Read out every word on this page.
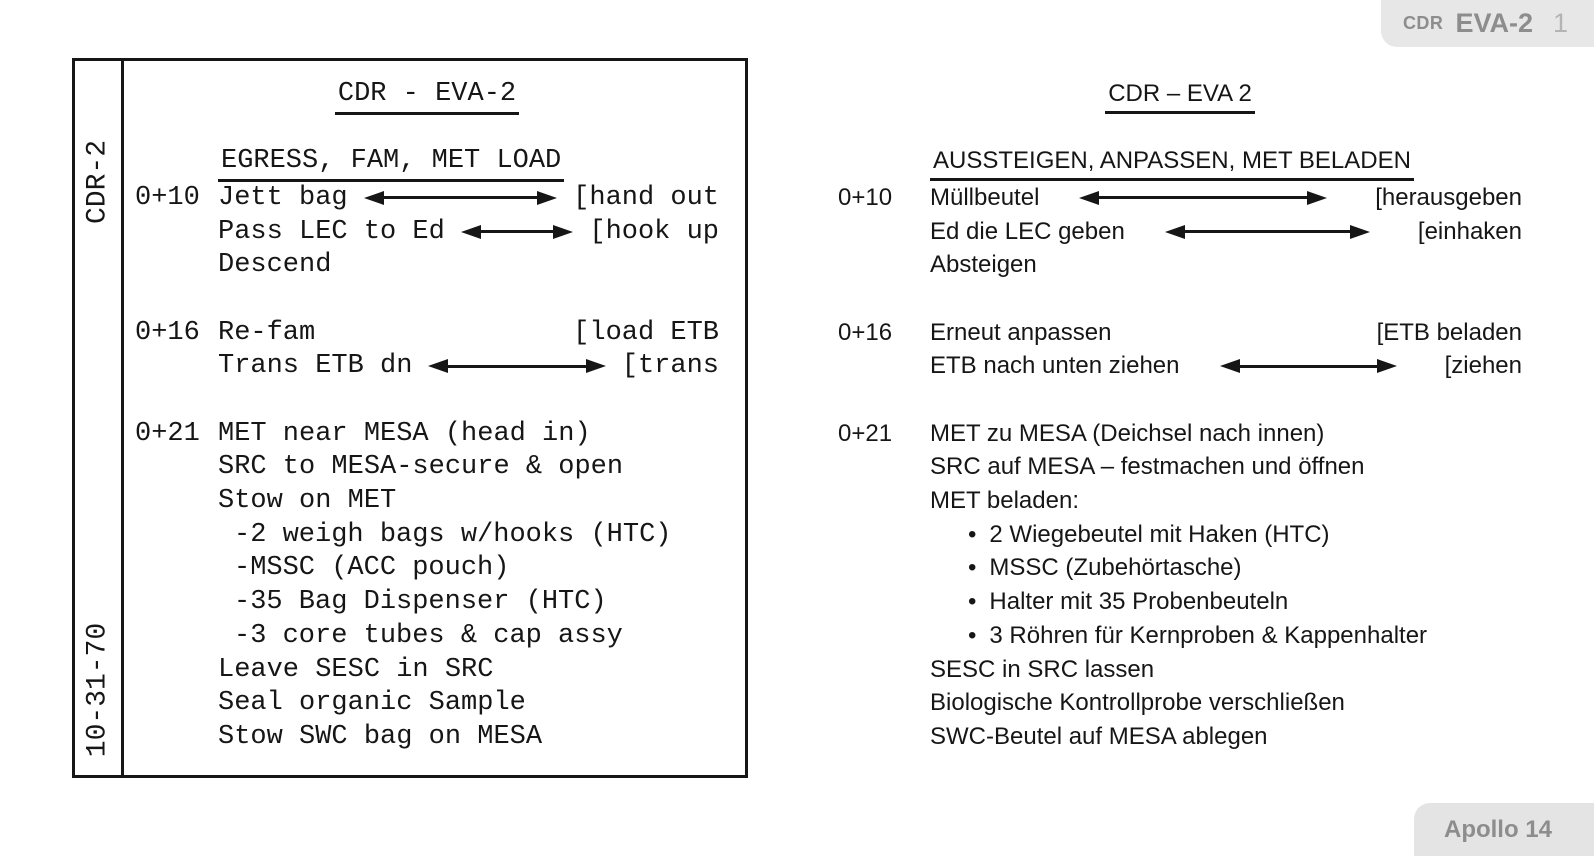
CDR EVA-2 1
CDR-2
10-31-70
CDR - EVA-2
EGRESS, FAM, MET LOAD
0+10 Jett bag	[hand out
Pass LEC to Ed	[hook up
Descend
0+16 Re-fam	[load ETB
Trans ETB dn	[trans
0+21 MET near MESA (head in)
SRC to MESA-secure & open
Stow on MET
-2 weigh bags w/hooks (HTC)
-MSSC (ACC pouch)
-35 Bag Dispenser (HTC)
-3 core tubes & cap assy
Leave SESC in SRC
Seal organic Sample
Stow SWC bag on MESA
CDR – EVA 2
AUSSTEIGEN, ANPASSEN, MET BELADEN
0+10	Müllbeutel	[herausgeben
Ed die LEC geben	[einhaken
Absteigen
0+16	Erneut anpassen	[ETB beladen
ETB nach unten ziehen	[ziehen
0+21	MET zu MESA (Deichsel nach innen)
SRC auf MESA – festmachen und öffnen
MET beladen:
• 2 Wiegebeutel mit Haken (HTC)
• MSSC (Zubehörtasche)
• Halter mit 35 Probenbeuteln
• 3 Röhren für Kernproben & Kappenhalter
SESC in SRC lassen
Biologische Kontrollprobe verschließen
SWC-Beutel auf MESA ablegen
Apollo 14
